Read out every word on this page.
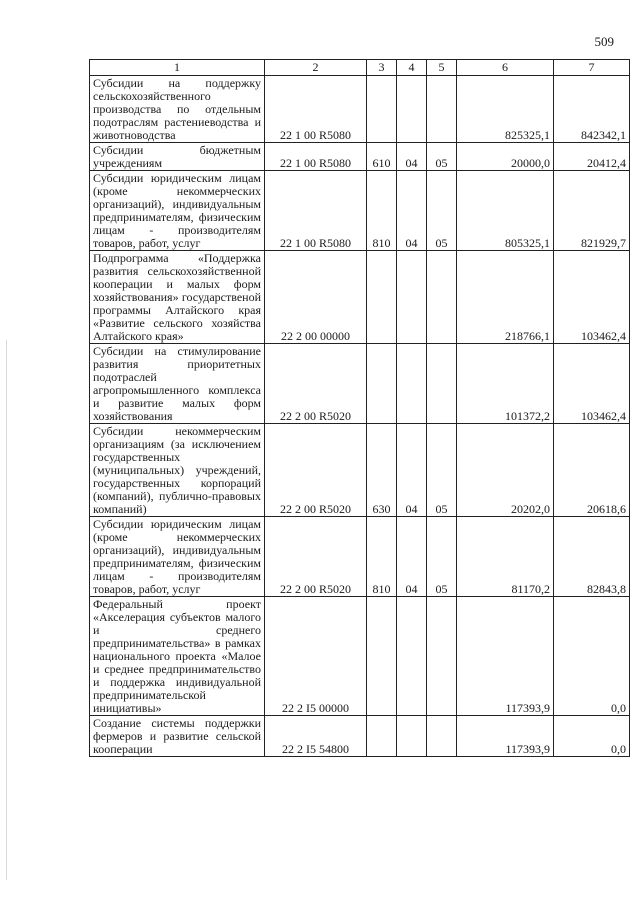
509
1	2	3	4	5	6	7
Субсидии на поддержку сельскохозяйственного производства по отдельным подотраслям растениеводства и животноводства	22 1 00 R5080				825325,1	842342,1
Субсидии бюджетным учреждениям	22 1 00 R5080	610	04	05	20000,0	20412,4
Субсидии юридическим лицам (кроме некоммерческих организаций), индивидуальным предпринимателям, физическим лицам - производителям товаров, работ, услуг	22 1 00 R5080	810	04	05	805325,1	821929,7
Подпрограмма «Поддержка развития сельскохозяйственной кооперации и малых форм хозяйствования» государственой программы Алтайского края «Развитие сельского хозяйства Алтайского края»	22 2 00 00000				218766,1	103462,4
Субсидии на стимулирование развития приоритетных подотраслей агропромышленного комплекса и развитие малых форм хозяйствования	22 2 00 R5020				101372,2	103462,4
Субсидии некоммерческим организациям (за исключением государственных (муниципальных) учреждений, государственных корпораций (компаний), публично-правовых компаний)	22 2 00 R5020	630	04	05	20202,0	20618,6
Субсидии юридическим лицам (кроме некоммерческих организаций), индивидуальным предпринимателям, физическим лицам - производителям товаров, работ, услуг	22 2 00 R5020	810	04	05	81170,2	82843,8
Федеральный проект «Акселерация субъектов малого и среднего предпринимательства» в рамках национального проекта «Малое и среднее предпринимательство и поддержка индивидуальной предпринимательской инициативы»	22 2 I5 00000				117393,9	0,0
Создание системы поддержки фермеров и развитие сельской кооперации	22 2 I5 54800				117393,9	0,0
